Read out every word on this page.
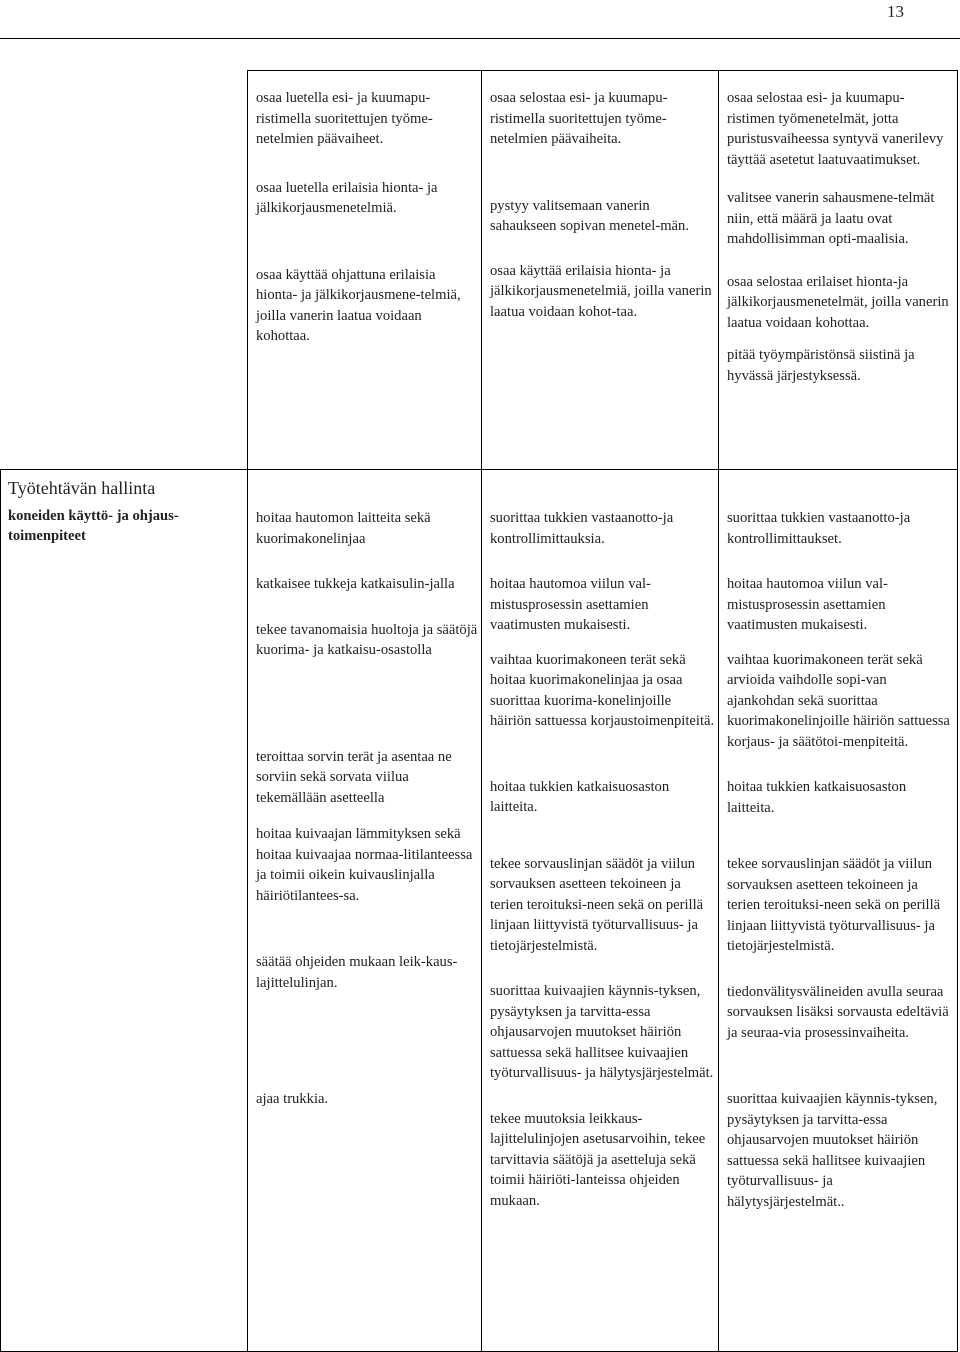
13

osaa luetella esi- ja kuumapu-ristimella suoritettujen työme-netelmien päävaiheet.

osaa luetella erilaisia hionta- ja jälkikorjausmenetelmiä.

osaa käyttää ohjattuna erilaisia hionta- ja jälkikorjausmene-telmiä, joilla vanerin laatua voidaan kohottaa.

osaa selostaa esi- ja kuumapu-ristimella suoritettujen työme-netelmien päävaiheita.

pystyy valitsemaan vanerin sahaukseen sopivan menetel-män.

osaa käyttää erilaisia hionta- ja jälkikorjausmenetelmiä, joilla vanerin laatua voidaan kohot-taa.

osaa selostaa esi- ja kuumapu-ristimen työmenetelmät, jotta puristusvaiheessa syntyvä vanerilevy täyttää asetetut laatuvaatimukset.

valitsee vanerin sahausmene-telmät niin, että määrä ja laatu ovat mahdollisimman opti-maalisia.

osaa selostaa erilaiset hionta-ja jälkikorjausmenetelmät, joilla vanerin laatua voidaan kohottaa.

pitää työympäristönsä siistinä ja hyvässä järjestyksessä.

Työtehtävän hallinta
koneiden käyttö- ja ohjaus-toimenpiteet

hoitaa hautomon laitteita sekä kuorimakonelinjaa

katkaisee tukkeja katkaisulin-jalla

tekee tavanomaisia huoltoja ja säätöjä kuorima- ja katkaisu-osastolla

teroittaa sorvin terät ja asentaa ne sorviin sekä sorvata viilua tekemällään asetteella

hoitaa kuivaajan lämmityksen sekä hoitaa kuivaajaa normaa-litilanteessa ja toimii oikein kuivauslinjalla häiriötilantees-sa.

säätää ohjeiden mukaan leik-kaus-lajittelulinjan.

ajaa trukkia.

suorittaa tukkien vastaanotto-ja kontrollimittauksia.

hoitaa hautomoa viilun val-mistusprosessin asettamien vaatimusten mukaisesti.

vaihtaa kuorimakoneen terät sekä hoitaa kuorimakonelinjaa ja osaa suorittaa kuorima-konelinjoille häiriön sattuessa korjaustoimenpiteitä.

hoitaa tukkien katkaisuosaston laitteita.

tekee sorvauslinjan säädöt ja viilun sorvauksen asetteen tekoineen ja terien teroituksi-neen sekä on perillä linjaan liittyvistä työturvallisuus- ja tietojärjestelmistä.

suorittaa kuivaajien käynnis-tyksen, pysäytyksen ja tarvitta-essa ohjausarvojen muutokset häiriön sattuessa sekä hallitsee kuivaajien työturvallisuus- ja hälytysjärjestelmät.

tekee muutoksia leikkaus-lajittelulinjojen asetusarvoihin, tekee tarvittavia säätöjä ja asetteluja sekä toimii häiriöti-lanteissa ohjeiden mukaan.

suorittaa tukkien vastaanotto-ja kontrollimittaukset.

hoitaa hautomoa viilun val-mistusprosessin asettamien vaatimusten mukaisesti.

vaihtaa kuorimakoneen terät sekä arvioida vaihdolle sopi-van ajankohdan sekä suorittaa kuorimakonelinjoille häiriön sattuessa korjaus- ja säätötoi-menpiteitä.

hoitaa tukkien katkaisuosaston laitteita.

tekee sorvauslinjan säädöt ja viilun sorvauksen asetteen tekoineen ja terien teroituksi-neen sekä on perillä linjaan liittyvistä työturvallisuus- ja tietojärjestelmistä.

tiedonvälitysvälineiden avulla seuraa sorvauksen lisäksi sorvausta edeltäviä ja seuraa-via prosessinvaiheita.

suorittaa kuivaajien käynnis-tyksen, pysäytyksen ja tarvitta-essa ohjausarvojen muutokset häiriön sattuessa sekä hallitsee kuivaajien työturvallisuus- ja hälytysjärjestelmät..
